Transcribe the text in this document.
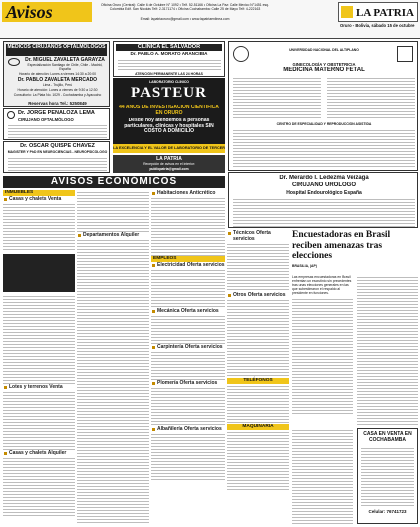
Avisos	Oficina Oruro (Central): Calle 6 de Octubre N° 1092 • Telf. 52-51166 • Oficina La Paz: Calle Mexico N°1451 esq. Colombia Edif. San Nicolás Telf: 2-3171174 • Oficina Cochabamba: Calle 25 de Mayo Telf: 4-222163
Email: lapatriaoruro@gmail.com • www.lapatriaenlinea.com	LA PATRIA
Oruro - Bolivia, sábado 15 de octubre
MÉDICOS CIRUJANOS OFTALMÓLOGOS
Dr. MIGUEL ZAVALETA GARAYZA
Especialización Santiago de Chile, Chile - Madrid, España
Horario de atención: Lunes a viernes 14:30 a 20:00
Dr. PABLO ZAVALETA MERCADO
Lima - Trujillo, Perú
Horario de atención: Lunes a viernes de 9:30 a 12:30
Consultorio: La Plata No. 1029 - Cochabamba y Ayacucho
Reservas hora Tel.: 5250849
Dr. JORGE PEÑALOZA LEMA
CIRUJANO OFTALMÓLOGO
Dr. OSCAR QUISPE CHAVEZ
MAGISTER Y PhD EN NEUROCIENCIAS - NEUROPSICÓLOGO
CLÍNICA EL SALVADOR
Dr. PABLO A. MORATO ARANCIBIA
ATENCIÓN PERMANENTE LAS 24 HORAS
LABORATORIO CLÍNICO
PASTEUR
44 AÑOS DE INVESTIGACIÓN CIENTÍFICA EN ORURO
Desde hoy atendemos a personas particulares, clínicas y hospitales SIN COSTO A DOMICILIO
LA EXCELENCIA Y EL VALOR DE LABORATORIO DE TERCER
LA PATRIA
Recepción de avisos en el interior:
publicpatria@gmail.com
UNIVERSIDAD NACIONAL DEL ALTIPLANO
GINECOLOGÍA Y OBSTETRICIA
MEDICINA MATERNO FETAL
CENTRO DE ESPECIALIDAD Y REPRODUCCIÓN ASISTIDA
Dr. Merardo I. Ledezma Veizaga
CIRUJANO UROLOGO
Hospital Endourológico España
AVISOS ECONÓMICOS
INMUEBLES
Casas y chalets Venta
Lotes y terrenos Venta
Casas y chalets Alquiler
Departamentos Alquiler
Habitaciones Anticrético
EMPLEOS
Electricidad Oferta servicios
Mecánica Oferta servicios
Carpintería Oferta servicios
Plomería Oferta servicios
Albañilería Oferta servicios
Técnicos Oferta servicios
Otros Oferta servicios
TELÉFONOS
MAQUINARIA
Encuestadoras en Brasil reciben amenazas tras elecciones
BRASILIA, (AP)
Las empresas encuestadoras en Brasil enfrentan un escrutinio sin precedentes tras unas elecciones generales en las que subestimaron el respaldo al presidente en funciones.
CASA EN VENTA EN COCHABAMBA
Celular: 76741723
